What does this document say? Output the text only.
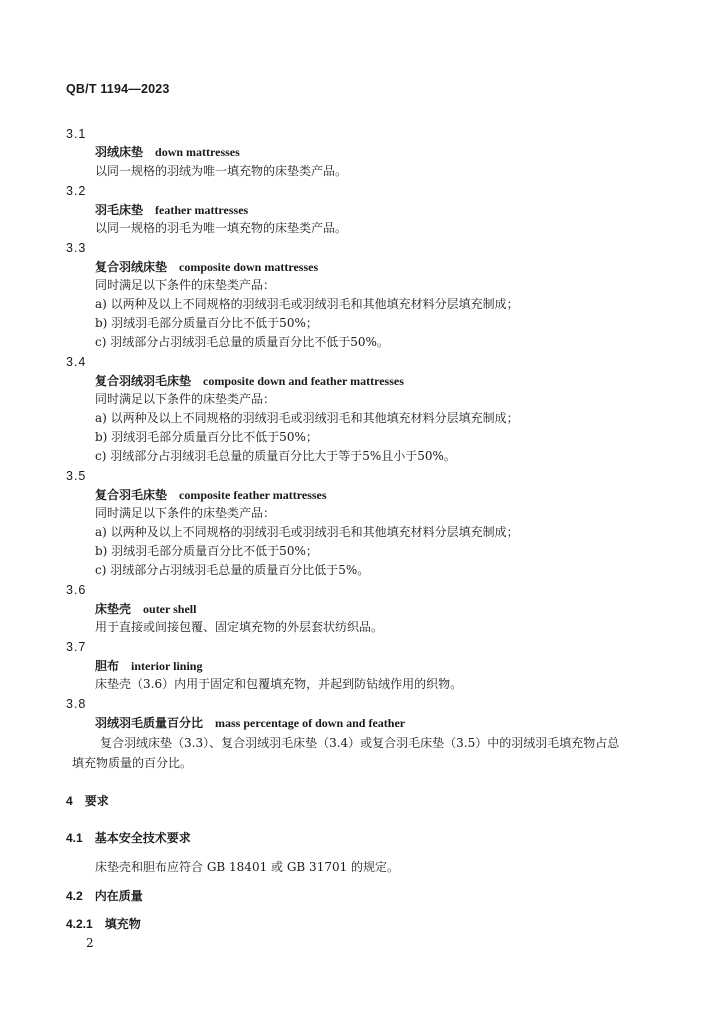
QB/T 1194—2023
3.1
羽绒床垫 down mattresses
以同一规格的羽绒为唯一填充物的床垫类产品。
3.2
羽毛床垫 feather mattresses
以同一规格的羽毛为唯一填充物的床垫类产品。
3.3
复合羽绒床垫 composite down mattresses
同时满足以下条件的床垫类产品：
a) 以两种及以上不同规格的羽绒羽毛或羽绒羽毛和其他填充材料分层填充制成；
b) 羽绒羽毛部分质量百分比不低于50%；
c) 羽绒部分占羽绒羽毛总量的质量百分比不低于50%。
3.4
复合羽绒羽毛床垫 composite down and feather mattresses
同时满足以下条件的床垫类产品：
a) 以两种及以上不同规格的羽绒羽毛或羽绒羽毛和其他填充材料分层填充制成；
b) 羽绒羽毛部分质量百分比不低于50%；
c) 羽绒部分占羽绒羽毛总量的质量百分比大于等于5%且小于50%。
3.5
复合羽毛床垫 composite feather mattresses
同时满足以下条件的床垫类产品：
a) 以两种及以上不同规格的羽绒羽毛或羽绒羽毛和其他填充材料分层填充制成；
b) 羽绒羽毛部分质量百分比不低于50%；
c) 羽绒部分占羽绒羽毛总量的质量百分比低于5%。
3.6
床垫壳 outer shell
用于直接或间接包覆、固定填充物的外层套状纺织品。
3.7
胆布 interior lining
床垫壳（3.6）内用于固定和包覆填充物，并起到防钻绒作用的织物。
3.8
羽绒羽毛质量百分比 mass percentage of down and feather
复合羽绒床垫（3.3）、复合羽绒羽毛床垫（3.4）或复合羽毛床垫（3.5）中的羽绒羽毛填充物占总
填充物质量的百分比。
4 要求
4.1 基本安全技术要求
床垫壳和胆布应符合 GB 18401 或 GB 31701 的规定。
4.2 内在质量
4.2.1 填充物
2
